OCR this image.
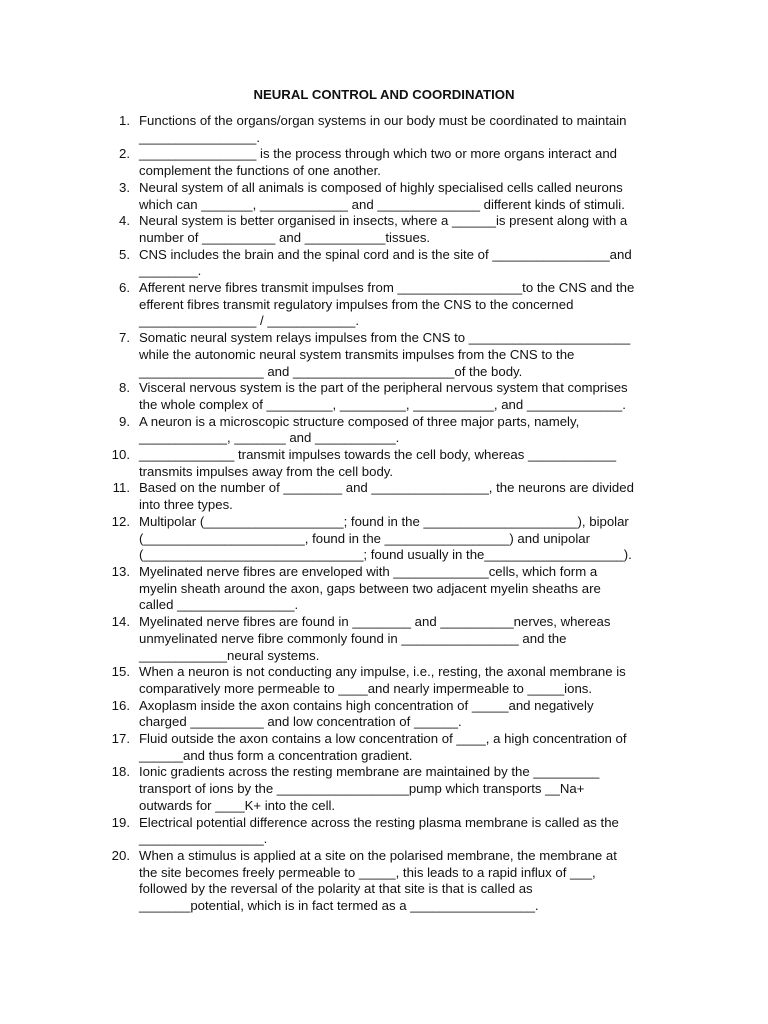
NEURAL CONTROL AND COORDINATION
1. Functions of the organs/organ systems in our body must be coordinated to maintain
________________.
2. ________________ is the process through which two or more organs interact and
complement the functions of one another.
3. Neural system of all animals is composed of highly specialised cells called neurons
which can _______, ____________ and ______________ different kinds of stimuli.
4. Neural system is better organised in insects, where a ______is present along with a
number of __________ and ___________tissues.
5. CNS includes the brain and the spinal cord and is the site of ________________and
________.
6. Afferent nerve fibres transmit impulses from _________________to the CNS and the
efferent fibres transmit regulatory impulses from the CNS to the concerned
________________ / ____________.
7. Somatic neural system relays impulses from the CNS to ______________________
while the autonomic neural system transmits impulses from the CNS to the
_________________ and ______________________of the body.
8. Visceral nervous system is the part of the peripheral nervous system that comprises
the whole complex of _________, _________, ___________, and _____________.
9. A neuron is a microscopic structure composed of three major parts, namely,
____________, _______ and ___________.
10. _____________ transmit impulses towards the cell body, whereas ____________
transmits impulses away from the cell body.
11. Based on the number of ________ and ________________, the neurons are divided
into three types.
12. Multipolar (___________________; found in the _____________________), bipolar
(______________________, found in the _________________) and unipolar
(______________________________; found usually in the___________________).
13. Myelinated nerve fibres are enveloped with _____________cells, which form a
myelin sheath around the axon, gaps between two adjacent myelin sheaths are
called ________________.
14. Myelinated nerve fibres are found in ________ and __________nerves, whereas
unmyelinated nerve fibre commonly found in ________________ and the
____________neural systems.
15. When a neuron is not conducting any impulse, i.e., resting, the axonal membrane is
comparatively more permeable to ____and nearly impermeable to _____ions.
16. Axoplasm inside the axon contains high concentration of _____and negatively
charged __________ and low concentration of ______.
17. Fluid outside the axon contains a low concentration of ____, a high concentration of
______and thus form a concentration gradient.
18. Ionic gradients across the resting membrane are maintained by the _________
transport of ions by the __________________pump which transports __Na+
outwards for ____K+ into the cell.
19. Electrical potential difference across the resting plasma membrane is called as the
_________________.
20. When a stimulus is applied at a site on the polarised membrane, the membrane at
the site becomes freely permeable to _____, this leads to a rapid influx of ___,
followed by the reversal of the polarity at that site is that is called as
_______potential, which is in fact termed as a _________________.
